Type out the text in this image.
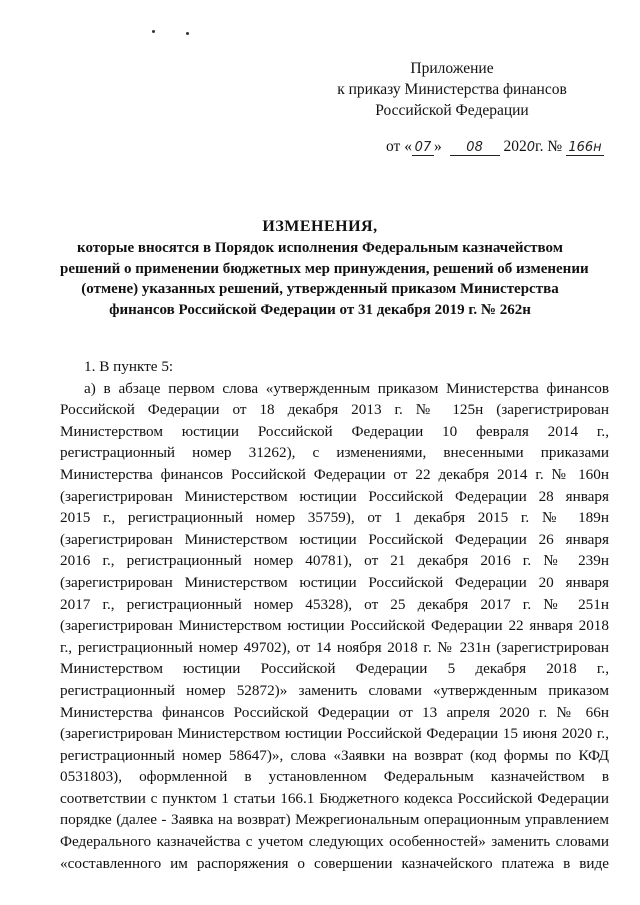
Приложение
к приказу Министерства финансов
Российской Федерации
от « 07 » 08 2020г. № 166н
ИЗМЕНЕНИЯ,
которые вносятся в Порядок исполнения Федеральным казначейством
решений о применении бюджетных мер принуждения, решений об изменении
(отмене) указанных решений, утвержденный приказом Министерства
финансов Российской Федерации от 31 декабря 2019 г. № 262н

1. В пункте 5:

а) в абзаце первом слова «утвержденным приказом Министерства финансов
Российской Федерации от 18 декабря 2013 г. № 125н (зарегистрирован
Министерством юстиции Российской Федерации 10 февраля 2014 г.,
регистрационный номер 31262), с изменениями, внесенными приказами
Министерства финансов Российской Федерации от 22 декабря 2014 г. № 160н
(зарегистрирован Министерством юстиции Российской Федерации 28 января
2015 г., регистрационный номер 35759), от 1 декабря 2015 г. № 189н
(зарегистрирован Министерством юстиции Российской Федерации 26 января
2016 г., регистрационный номер 40781), от 21 декабря 2016 г. № 239н
(зарегистрирован Министерством юстиции Российской Федерации 20 января
2017 г., регистрационный номер 45328), от 25 декабря 2017 г. № 251н
(зарегистрирован Министерством юстиции Российской Федерации 22 января 2018
г., регистрационный номер 49702), от 14 ноября 2018 г. № 231н (зарегистрирован
Министерством юстиции Российской Федерации 5 декабря 2018 г.,
регистрационный номер 52872)» заменить словами «утвержденным приказом
Министерства финансов Российской Федерации от 13 апреля 2020 г. № 66н
(зарегистрирован Министерством юстиции Российской Федерации 15 июня 2020 г.,
регистрационный номер 58647)», слова «Заявки на возврат (код формы по КФД
0531803), оформленной в установленном Федеральным казначейством в
соответствии с пунктом 1 статьи 166.1 Бюджетного кодекса Российской Федерации
порядке (далее - Заявка на возврат) Межрегиональным операционным управлением
Федерального казначейства с учетом следующих особенностей» заменить словами
«составленного им распоряжения о совершении казначейского платежа в виде
